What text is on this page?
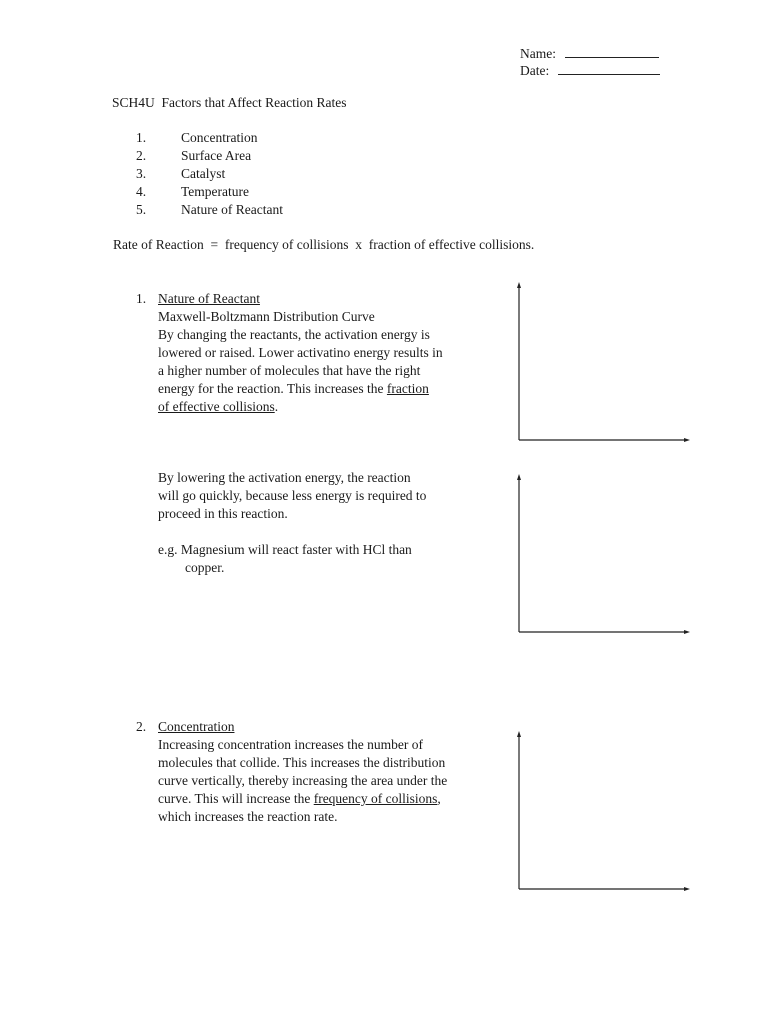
Name:
Date:
SCH4U  Factors that Affect Reaction Rates
1.	Concentration
2.	Surface Area
3.	Catalyst
4.	Temperature
5.	Nature of Reactant
Rate of Reaction  =  frequency of collisions  x  fraction of effective collisions.
1. Nature of Reactant
Maxwell-Boltzmann Distribution Curve
By changing the reactants, the activation energy is
lowered or raised. Lower activatino energy results in
a higher number of molecules that have the right
energy for the reaction. This increases the fraction
of effective collisions.
By lowering the activation energy, the reaction
will go quickly, because less energy is required to
proceed in this reaction.
e.g. Magnesium will react faster with HCl than
copper.
2. Concentration
Increasing concentration increases the number of
molecules that collide. This increases the distribution
curve vertically, thereby increasing the area under the
curve. This will increase the frequency of collisions,
which increases the reaction rate.
